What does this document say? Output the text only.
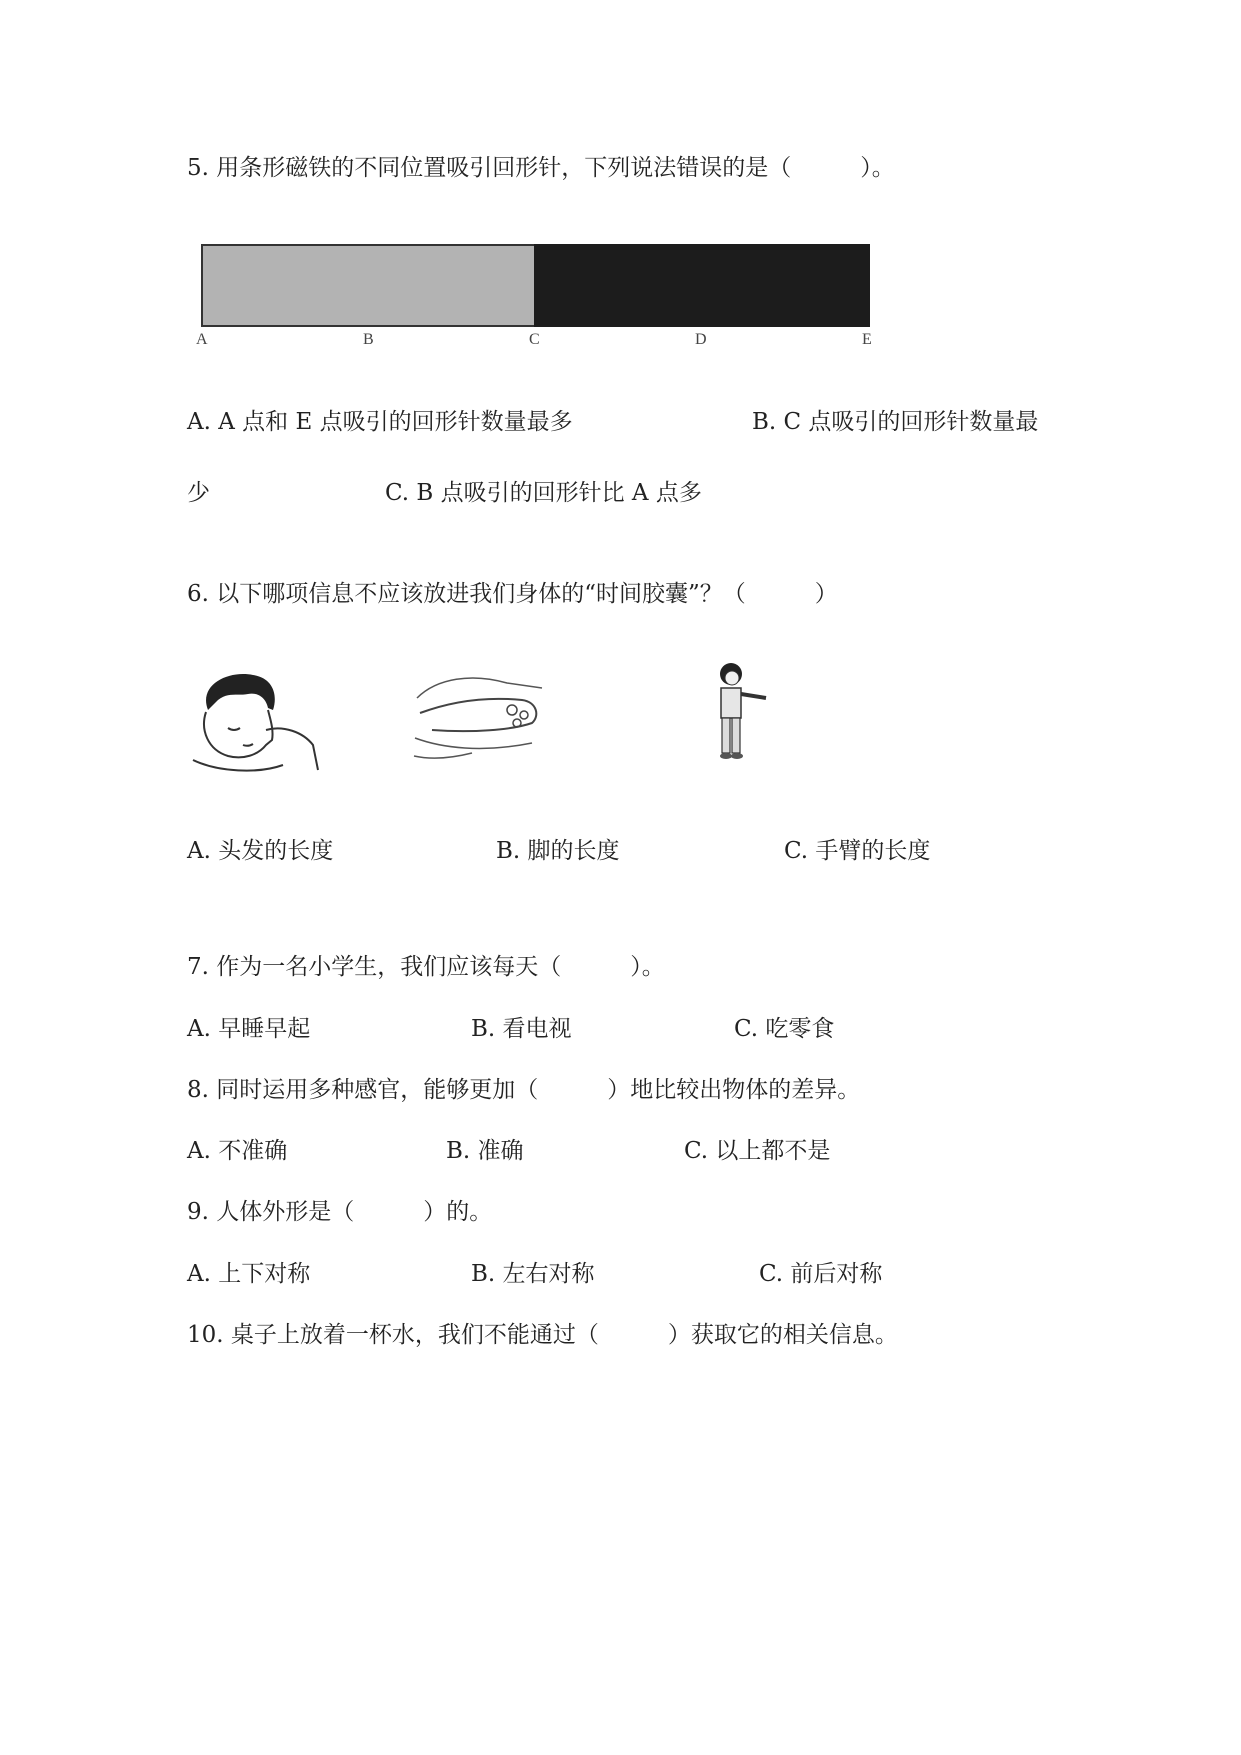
5. 用条形磁铁的不同位置吸引回形针，下列说法错误的是（　　　）。
A	B	C	D	E
A. A 点和 E 点吸引的回形针数量最多	B. C 点吸引的回形针数量最
少	C. B 点吸引的回形针比 A 点多
6. 以下哪项信息不应该放进我们身体的“时间胶囊”？（　　　）
A. 头发的长度	B. 脚的长度	C. 手臂的长度
7. 作为一名小学生，我们应该每天（　　　）。
A. 早睡早起	B. 看电视	C. 吃零食
8. 同时运用多种感官，能够更加（　　　）地比较出物体的差异。
A. 不准确	B. 准确	C. 以上都不是
9. 人体外形是（　　　）的。
A. 上下对称	B. 左右对称	C. 前后对称
10. 桌子上放着一杯水，我们不能通过（　　　）获取它的相关信息。
